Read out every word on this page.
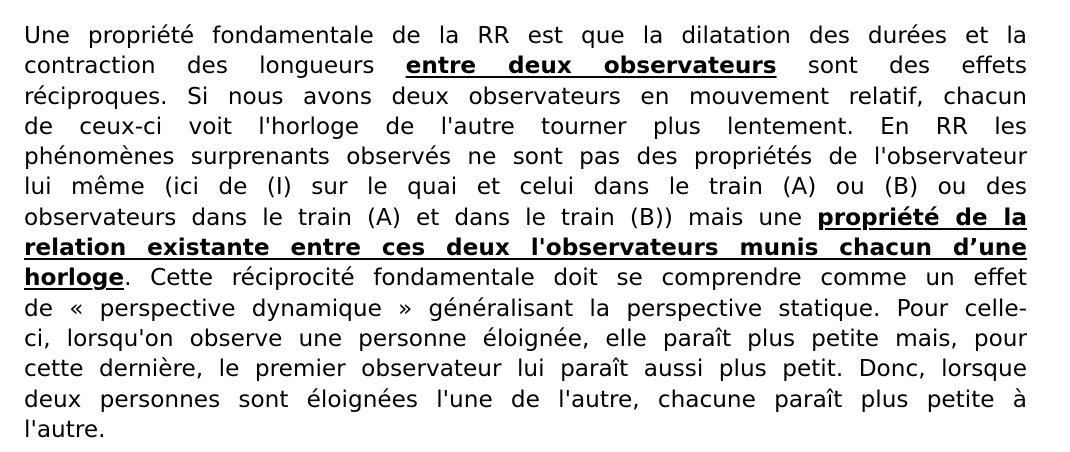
Une propriété fondamentale de la RR est que la dilatation des durées et la
contraction des longueurs entre deux observateurs sont des effets
réciproques. Si nous avons deux observateurs en mouvement relatif, chacun
de ceux-ci voit l'horloge de l'autre tourner plus lentement. En RR les
phénomènes surprenants observés ne sont pas des propriétés de l'observateur
lui même (ici de (I) sur le quai et celui dans le train (A) ou (B) ou des
observateurs dans le train (A) et dans le train (B)) mais une propriété de la
relation existante entre ces deux l'observateurs munis chacun d’une
horloge. Cette réciprocité fondamentale doit se comprendre comme un effet
de « perspective dynamique » généralisant la perspective statique. Pour celle-
ci, lorsqu'on observe une personne éloignée, elle paraît plus petite mais, pour
cette dernière, le premier observateur lui paraît aussi plus petit. Donc, lorsque
deux personnes sont éloignées l'une de l'autre, chacune paraît plus petite à
l'autre.
